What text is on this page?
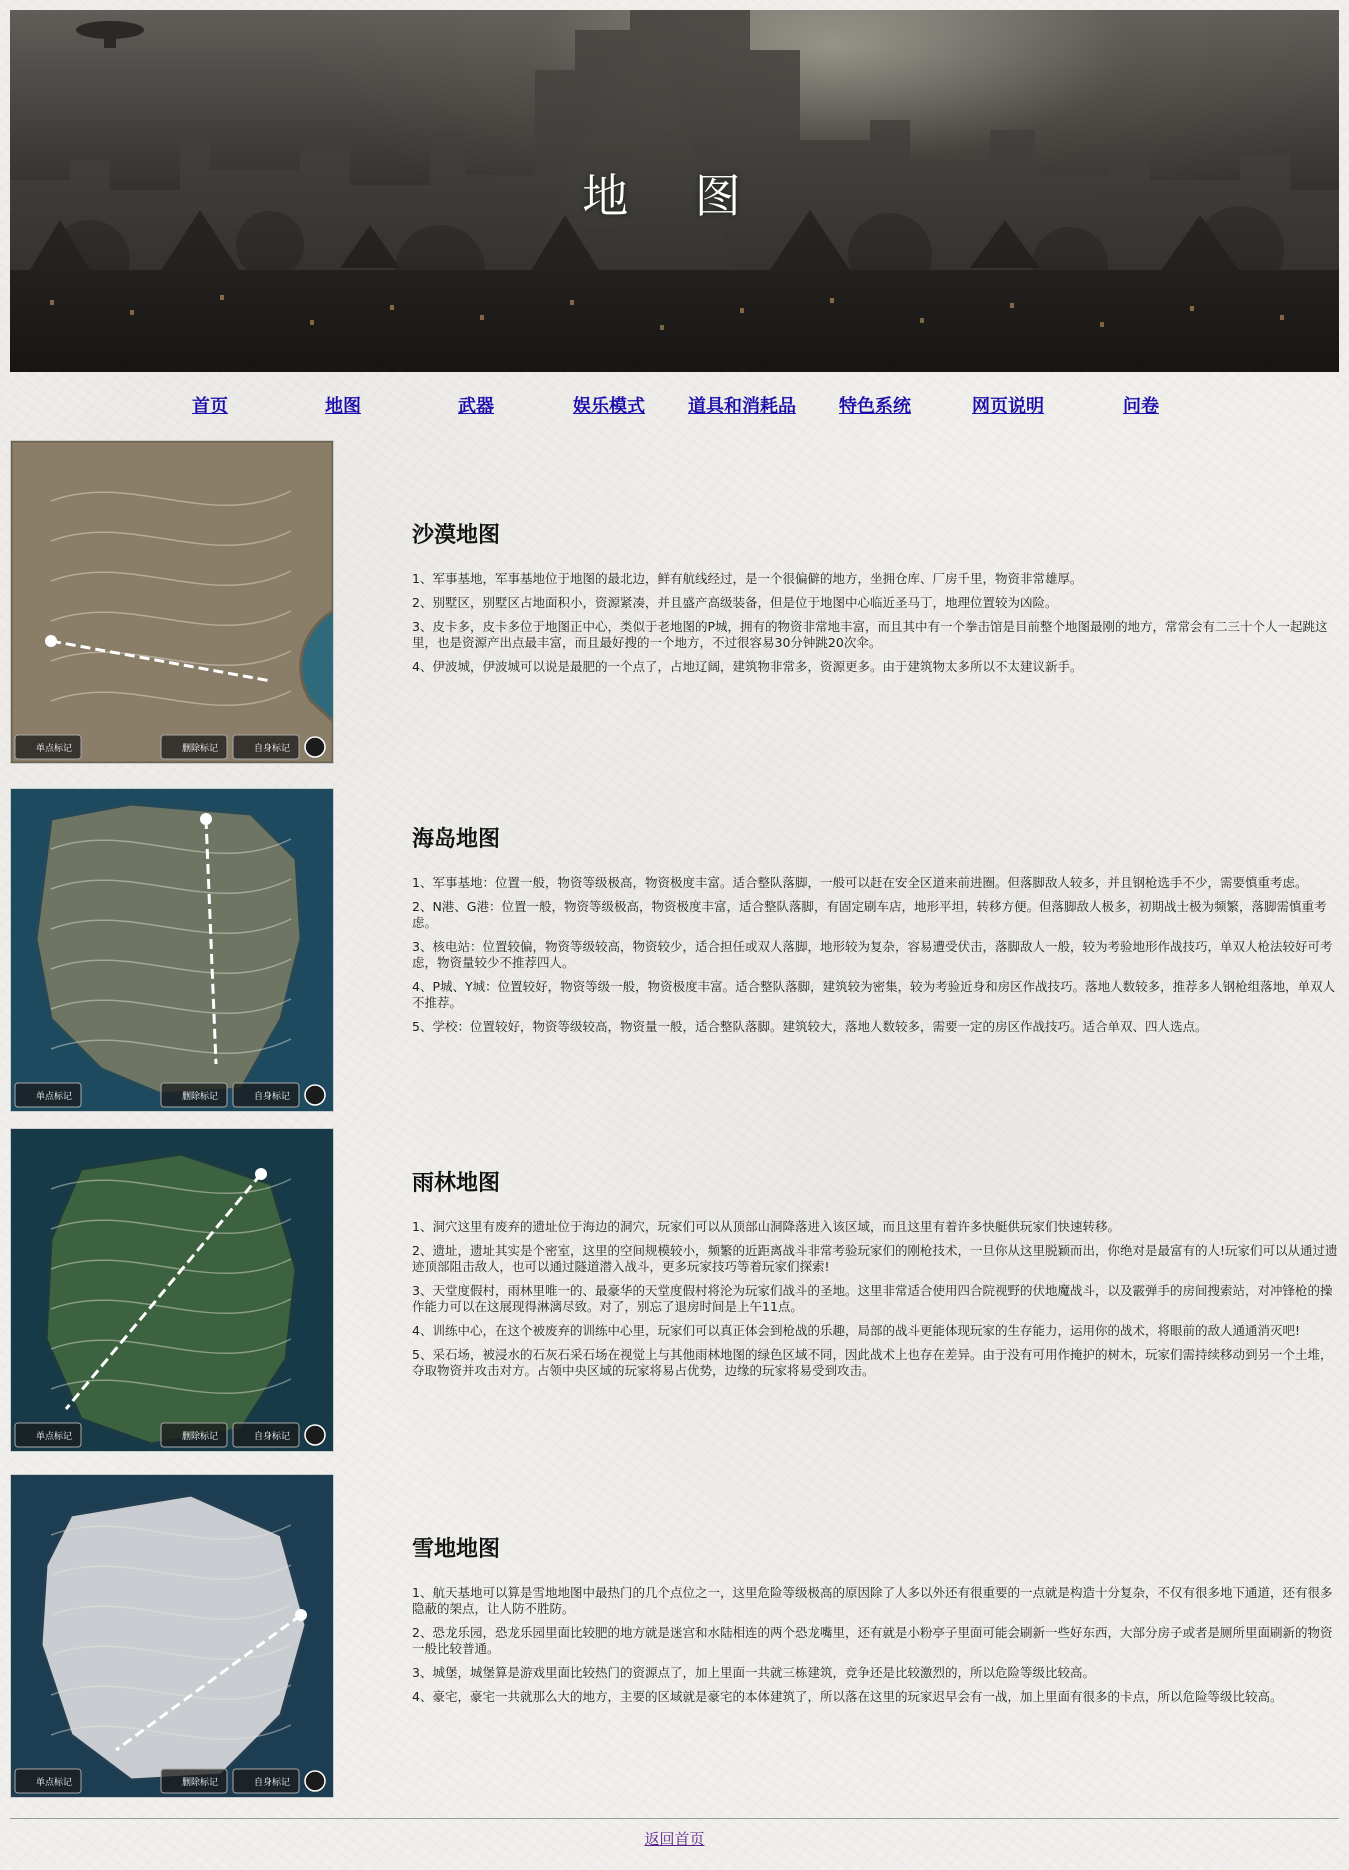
地 图
首页	地图	武器	娱乐模式	道具和消耗品	特色系统	网页说明	问卷
单点标记	删除标记	自身标记
单点标记	删除标记	自身标记
单点标记	删除标记	自身标记
单点标记	删除标记	自身标记
沙漠地图

1、军事基地，军事基地位于地图的最北边，鲜有航线经过，是一个很偏僻的地方，坐拥仓库、厂房千里，物资非常雄厚。

2、别墅区，别墅区占地面积小，资源紧凑，并且盛产高级装备，但是位于地图中心临近圣马丁，地理位置较为凶险。

3、皮卡多，皮卡多位于地图正中心，类似于老地图的P城，拥有的物资非常地丰富，而且其中有一个拳击馆是目前整个地图最刚的地方，常常会有二三十个人一起跳这里，也是资源产出点最丰富，而且最好搜的一个地方，不过很容易30分钟跳20次伞。

4、伊波城，伊波城可以说是最肥的一个点了，占地辽阔，建筑物非常多，资源更多。由于建筑物太多所以不太建议新手。

海岛地图

1、军事基地：位置一般，物资等级极高，物资极度丰富。适合整队落脚，一般可以赶在安全区道来前进圈。但落脚敌人较多，并且钢枪选手不少，需要慎重考虑。

2、N港、G港：位置一般，物资等级极高，物资极度丰富，适合整队落脚，有固定刷车店，地形平坦，转移方便。但落脚敌人极多，初期战士极为频繁，落脚需慎重考虑。

3、核电站：位置较偏，物资等级较高，物资较少，适合担任或双人落脚，地形较为复杂，容易遭受伏击，落脚敌人一般，较为考验地形作战技巧，单双人枪法较好可考虑，物资量较少不推荐四人。

4、P城、Y城：位置较好，物资等级一般，物资极度丰富。适合整队落脚，建筑较为密集，较为考验近身和房区作战技巧。落地人数较多，推荐多人钢枪组落地，单双人不推荐。

5、学校：位置较好，物资等级较高，物资量一般，适合整队落脚。建筑较大，落地人数较多，需要一定的房区作战技巧。适合单双、四人选点。

雨林地图

1、洞穴这里有废弃的遗址位于海边的洞穴，玩家们可以从顶部山洞降落进入该区域，而且这里有着许多快艇供玩家们快速转移。

2、遗址，遗址其实是个密室，这里的空间规模较小，频繁的近距离战斗非常考验玩家们的刚枪技术，一旦你从这里脱颖而出，你绝对是最富有的人!玩家们可以从通过遗迹顶部阻击敌人，也可以通过隧道潜入战斗，更多玩家技巧等着玩家们探索!

3、天堂度假村，雨林里唯一的、最豪华的天堂度假村将沦为玩家们战斗的圣地。这里非常适合使用四合院视野的伏地魔战斗，以及霰弹手的房间搜索站，对冲锋枪的操作能力可以在这展现得淋漓尽致。对了，别忘了退房时间是上午11点。

4、训练中心，在这个被废弃的训练中心里，玩家们可以真正体会到枪战的乐趣，局部的战斗更能体现玩家的生存能力，运用你的战术，将眼前的敌人通通消灭吧!

5、采石场，被浸水的石灰石采石场在视觉上与其他雨林地图的绿色区域不同，因此战术上也存在差异。由于没有可用作掩护的树木，玩家们需持续移动到另一个土堆，夺取物资并攻击对方。占领中央区域的玩家将易占优势，边缘的玩家将易受到攻击。

雪地地图

1、航天基地可以算是雪地地图中最热门的几个点位之一，这里危险等级极高的原因除了人多以外还有很重要的一点就是构造十分复杂，不仅有很多地下通道，还有很多隐蔽的架点，让人防不胜防。

2、恐龙乐园，恐龙乐园里面比较肥的地方就是迷宫和水陆相连的两个恐龙嘴里，还有就是小粉亭子里面可能会刷新一些好东西，大部分房子或者是厕所里面刷新的物资一般比较普通。

3、城堡，城堡算是游戏里面比较热门的资源点了，加上里面一共就三栋建筑，竞争还是比较激烈的，所以危险等级比较高。

4、豪宅，豪宅一共就那么大的地方，主要的区域就是豪宅的本体建筑了，所以落在这里的玩家迟早会有一战，加上里面有很多的卡点，所以危险等级比较高。

返回首页
